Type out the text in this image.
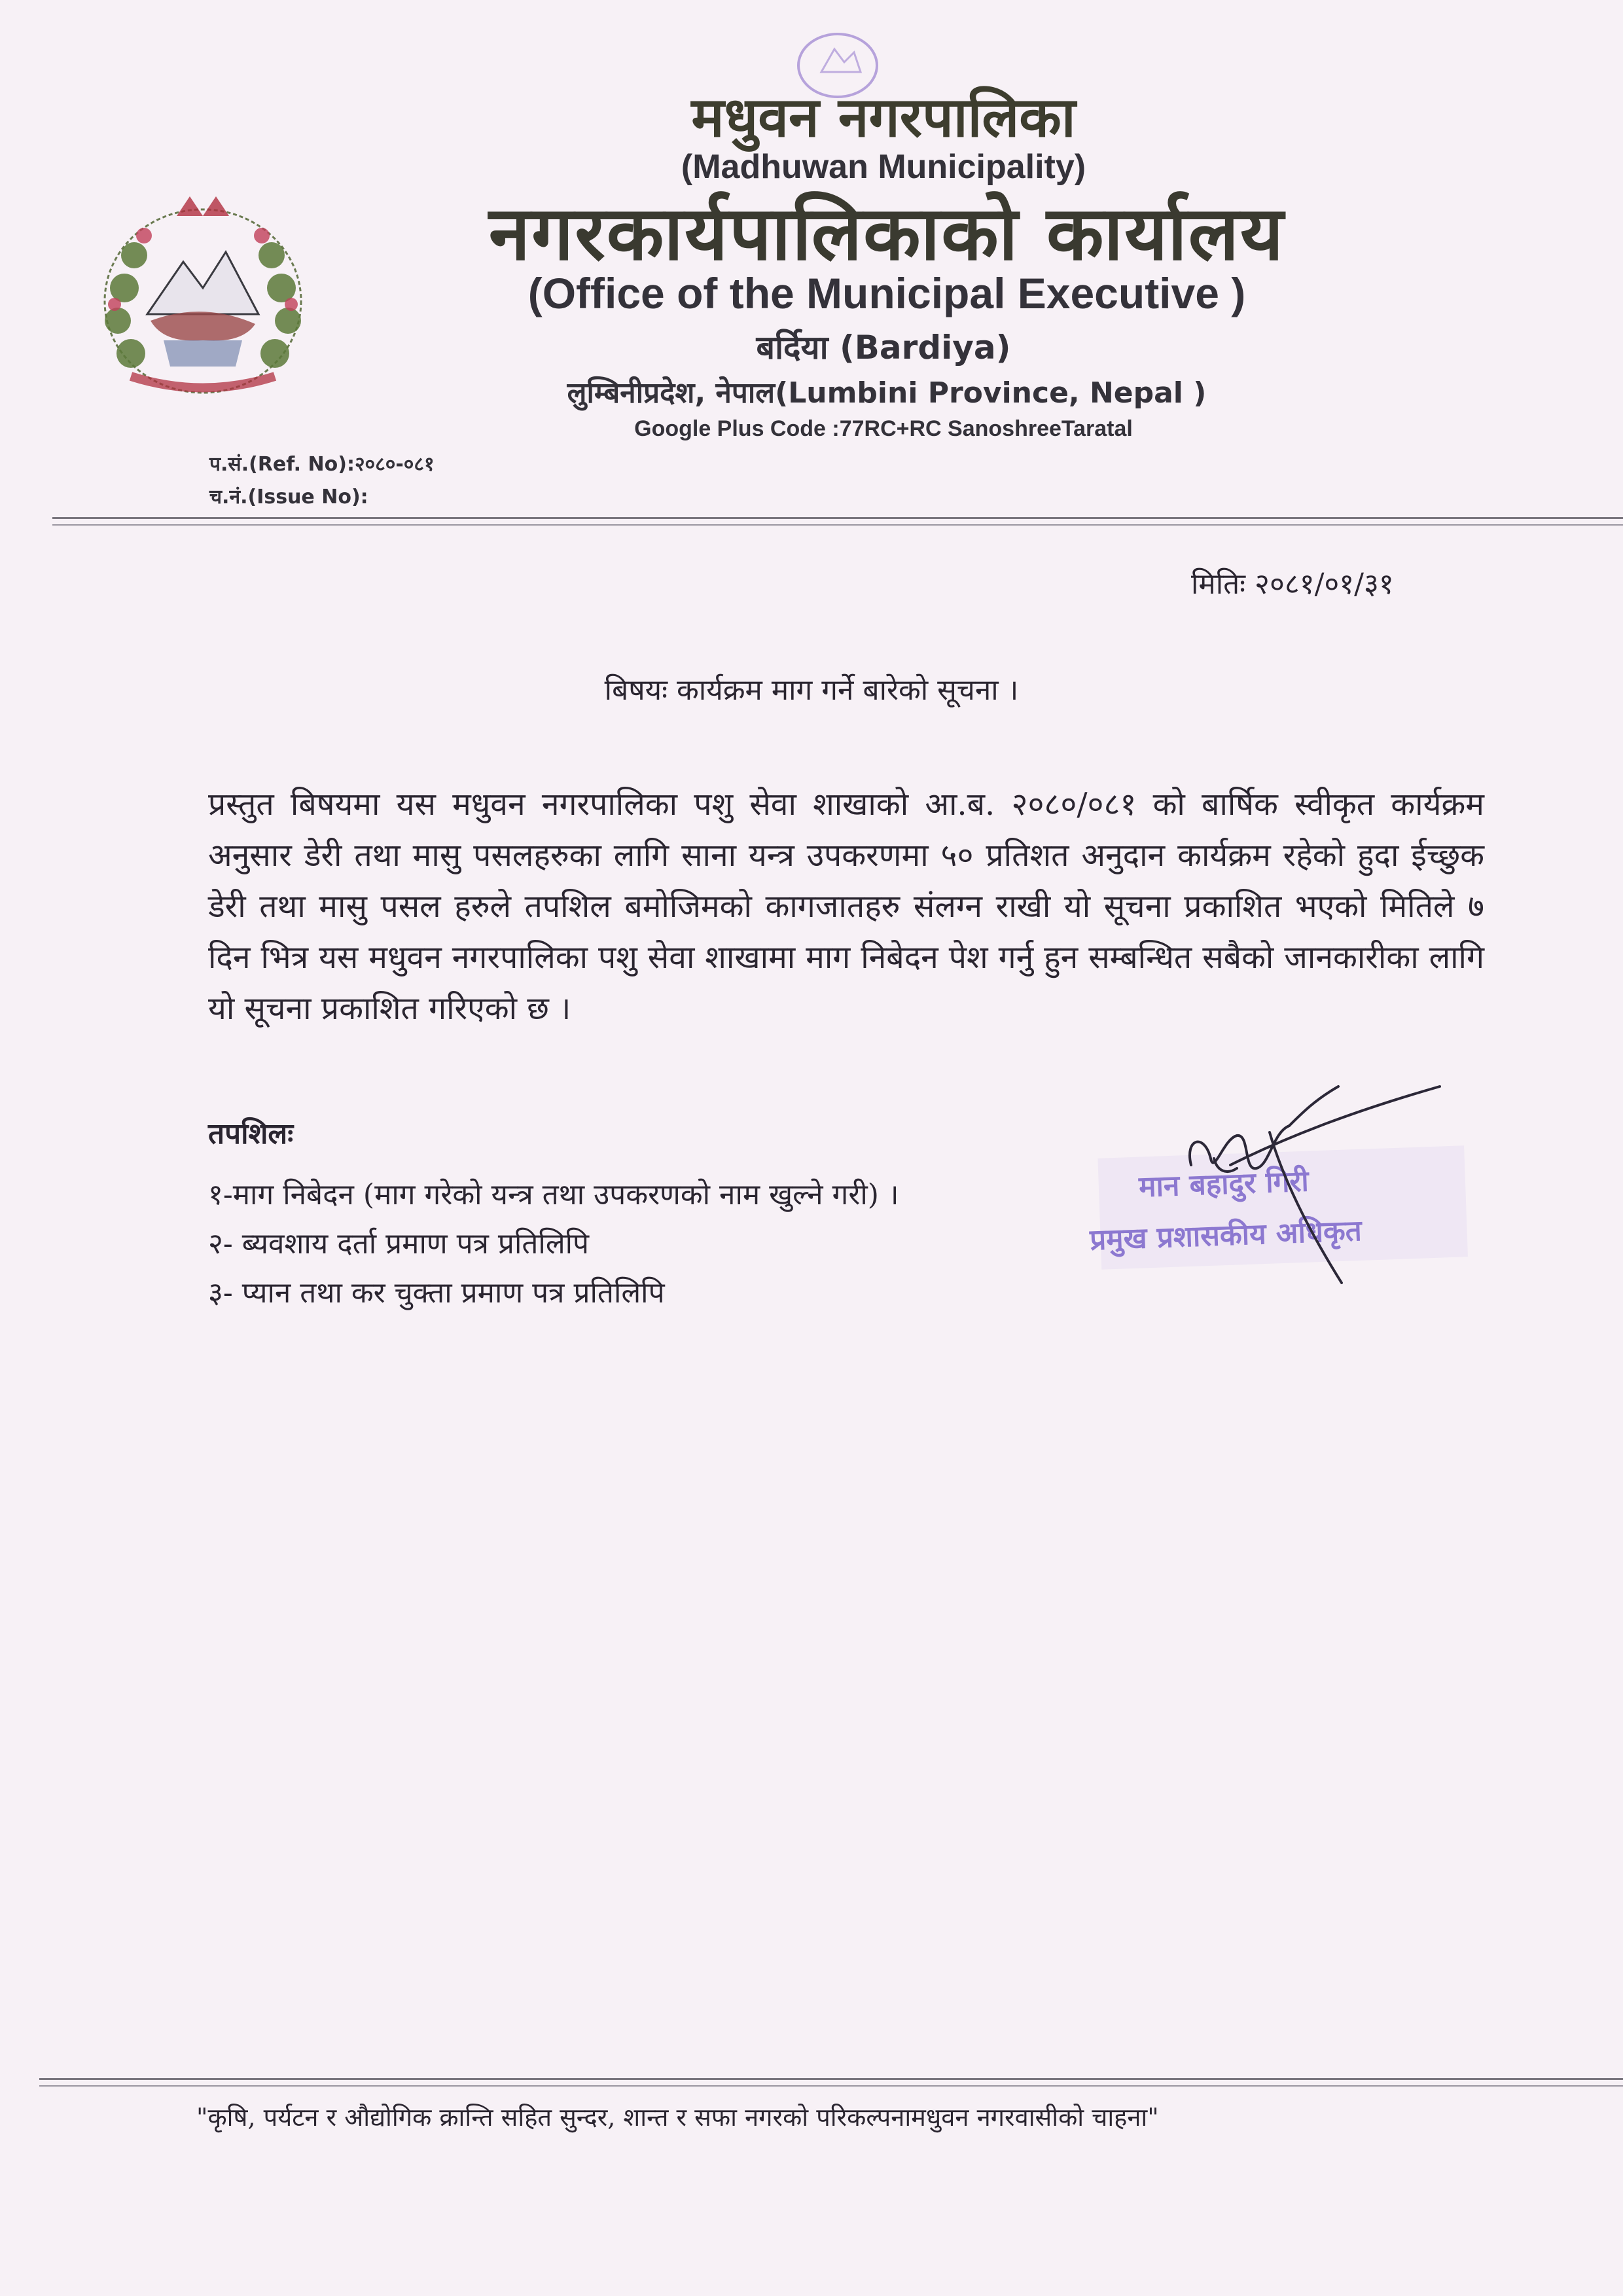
मधुवन नगरपालिका
(Madhuwan Municipality)
नगरकार्यपालिकाको कार्यालय
(Office of the Municipal Executive )
बर्दिया (Bardiya)
लुम्बिनीप्रदेश, नेपाल(Lumbini Province, Nepal )
Google Plus Code :77RC+RC SanoshreeTaratal
प.सं.(Ref. No):२०८०-०८१
च.नं.(Issue No):
मितिः २०८१/०१/३१
बिषयः कार्यक्रम माग गर्ने बारेको सूचना ।
प्रस्तुत बिषयमा यस मधुवन नगरपालिका पशु सेवा शाखाको आ.ब. २०८०/०८१ को बार्षिक स्वीकृत कार्यक्रम अनुसार डेरी तथा मासु पसलहरुका लागि साना यन्त्र उपकरणमा ५० प्रतिशत अनुदान कार्यक्रम रहेको हुदा ईच्छुक डेरी तथा मासु पसल हरुले तपशिल बमोजिमको कागजातहरु संलग्न राखी यो सूचना प्रकाशित भएको मितिले ७ दिन भित्र यस मधुवन नगरपालिका पशु सेवा शाखामा माग निबेदन पेश गर्नु हुन सम्बन्धित सबैको जानकारीका लागि यो सूचना प्रकाशित गरिएको छ ।
तपशिलः
१-माग निबेदन (माग गरेको यन्त्र तथा उपकरणको नाम खुल्ने गरी) ।
२- ब्यवशाय दर्ता प्रमाण पत्र प्रतिलिपि
३- प्यान तथा कर चुक्ता प्रमाण पत्र प्रतिलिपि
मान बहादुर गिरी
प्रमुख प्रशासकीय अधिकृत
"कृषि, पर्यटन र औद्योगिक क्रान्ति सहित सुन्दर, शान्त र सफा नगरको परिकल्पनामधुवन नगरवासीको चाहना"
